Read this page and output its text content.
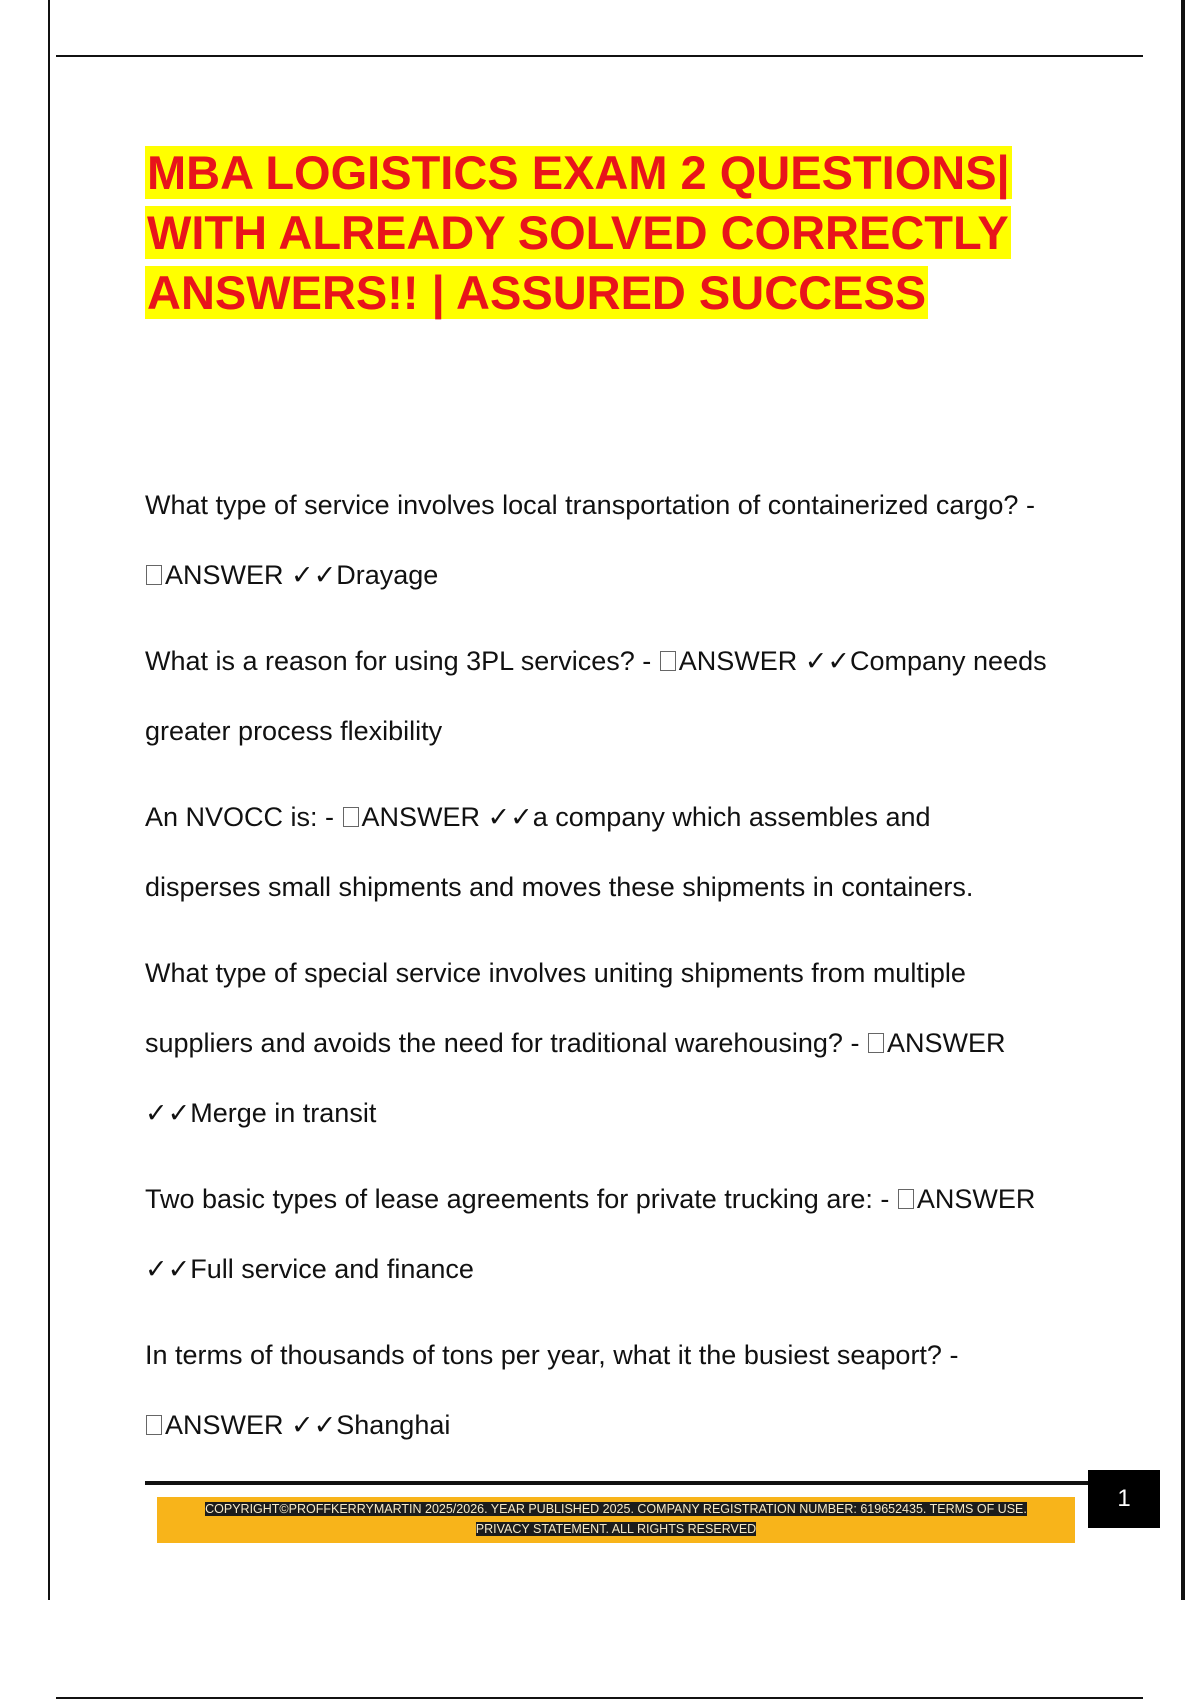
MBA LOGISTICS EXAM 2 QUESTIONS|
WITH ALREADY SOLVED CORRECTLY
ANSWERS!! | ASSURED SUCCESS
What type of service involves local transportation of containerized cargo? -
ANSWER ✓✓Drayage
What is a reason for using 3PL services? - ANSWER ✓✓Company needs
greater process flexibility
An NVOCC is: - ANSWER ✓✓a company which assembles and
disperses small shipments and moves these shipments in containers.
What type of special service involves uniting shipments from multiple
suppliers and avoids the need for traditional warehousing? - ANSWER
✓✓Merge in transit
Two basic types of lease agreements for private trucking are: - ANSWER
✓✓Full service and finance
In terms of thousands of tons per year, what it the busiest seaport? -
ANSWER ✓✓Shanghai
1
COPYRIGHT©PROFFKERRYMARTIN 2025/2026. YEAR PUBLISHED 2025. COMPANY REGISTRATION NUMBER: 619652435. TERMS OF USE.
PRIVACY STATEMENT. ALL RIGHTS RESERVED
